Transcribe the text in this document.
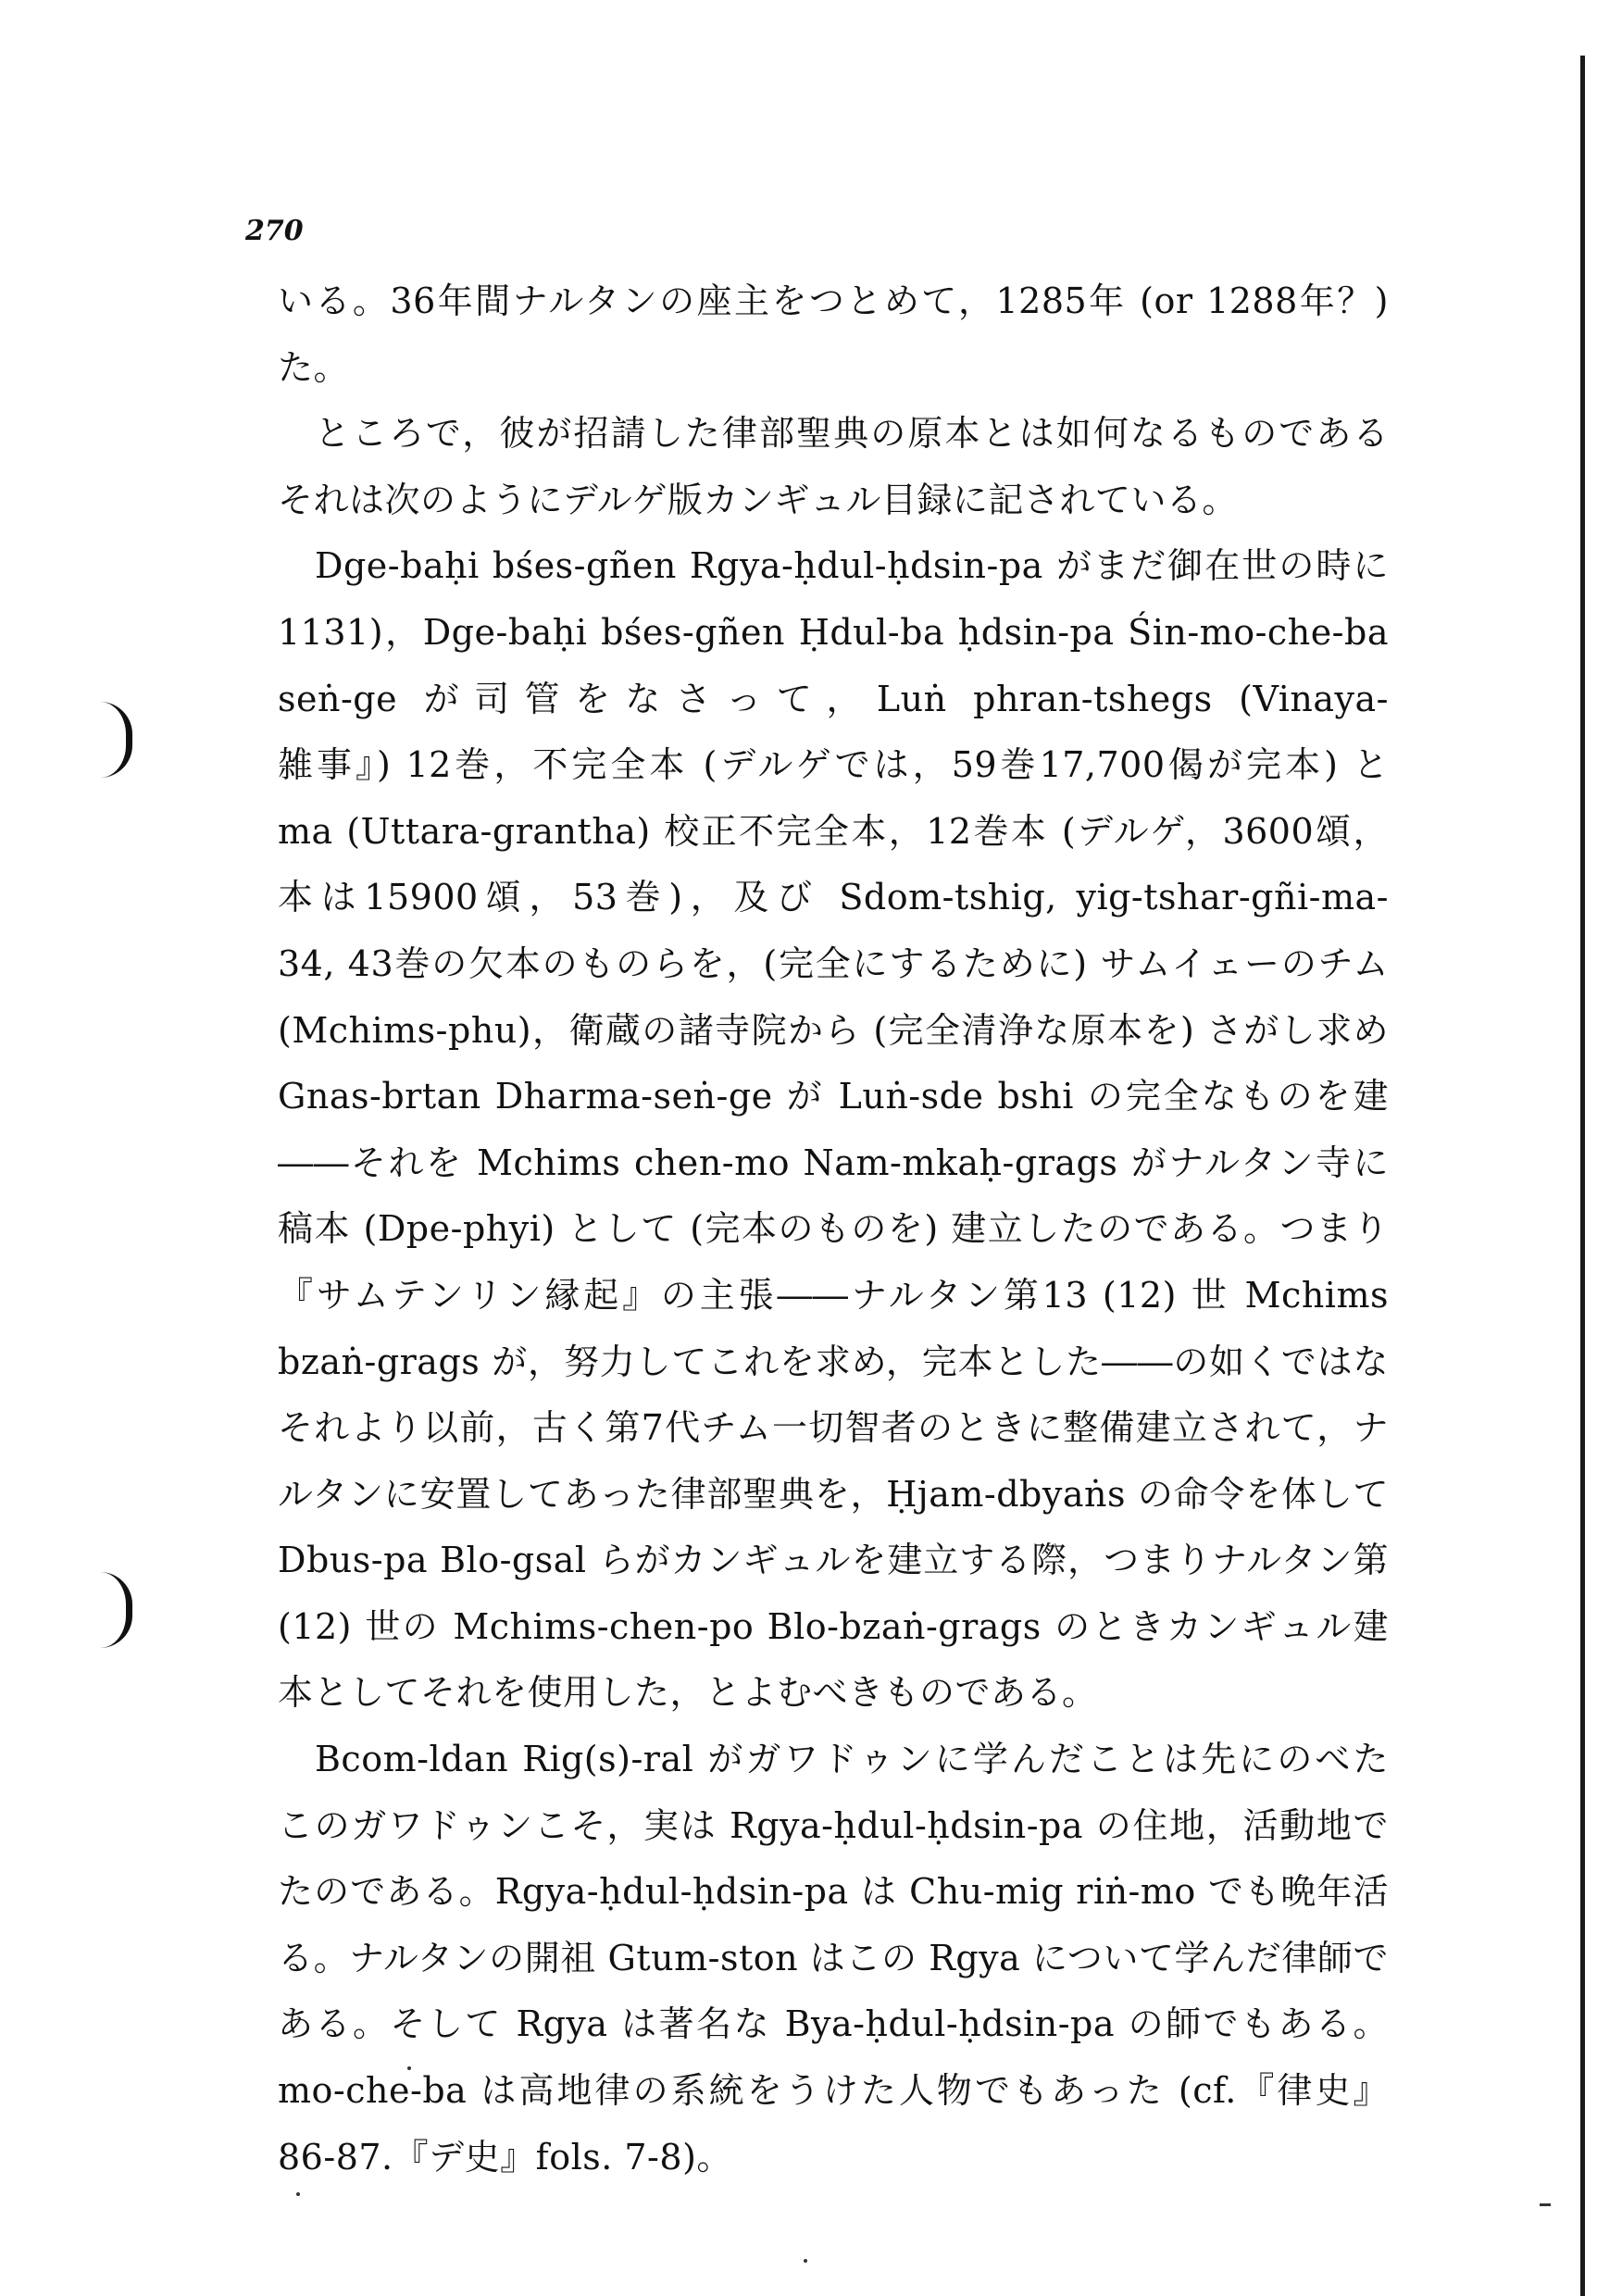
270
いる。36年間ナルタンの座主をつとめて，1285年 (or 1288年？)
た。
ところで，彼が招請した律部聖典の原本とは如何なるものである
それは次のようにデルゲ版カンギュル目録に記されている。
Dge-baḥi bśes-gñen Rgya-ḥdul-ḥdsin-pa がまだ御在世の時に
1131)，Dge-baḥi bśes-gñen Ḥdul-ba ḥdsin-pa Śin-mo-che-ba
seṅ-ge が司管をなさって，Luṅ phran-tshegs (Vinaya-
雑事』) 12巻，不完全本 (デルゲでは，59巻17,700偈が完本) と
ma (Uttara-grantha) 校正不完全本，12巻本 (デルゲ，3600頌，
本は15900頌，53巻)，及び Sdom-tshig, yig-tshar-gñi-ma-
34, 43巻の欠本のものらを，(完全にするために) サムイェーのチム
(Mchims-phu)，衛蔵の諸寺院から (完全清浄な原本を) さがし求め
Gnas-brtan Dharma-seṅ-ge が Luṅ-sde bshi の完全なものを建
――それを Mchims chen-mo Nam-mkaḥ-grags がナルタン寺に
稿本 (Dpe-phyi) として (完本のものを) 建立したのである。つまり
『サムテンリン縁起』の主張――ナルタン第13 (12) 世 Mchims
bzaṅ-grags が，努力してこれを求め，完本とした――の如くではな
それより以前，古く第7代チム一切智者のときに整備建立されて，ナ
ルタンに安置してあった律部聖典を，Ḥjam-dbyaṅs の命令を体して
Dbus-pa Blo-gsal らがカンギュルを建立する際，つまりナルタン第
(12) 世の Mchims-chen-po Blo-bzaṅ-grags のときカンギュル建
本としてそれを使用した，とよむべきものである。
Bcom-ldan Rig(s)-ral がガワドゥンに学んだことは先にのべた
このガワドゥンこそ，実は Rgya-ḥdul-ḥdsin-pa の住地，活動地で
たのである。Rgya-ḥdul-ḥdsin-pa は Chu-mig riṅ-mo でも晩年活
る。ナルタンの開祖 Gtum-ston はこの Rgya について学んだ律師で
ある。そして Rgya は著名な Bya-ḥdul-ḥdsin-pa の師でもある。
mo-che-ba は高地律の系統をうけた人物でもあった (cf.『律史』
86-87.『デ史』fols. 7-8)。
